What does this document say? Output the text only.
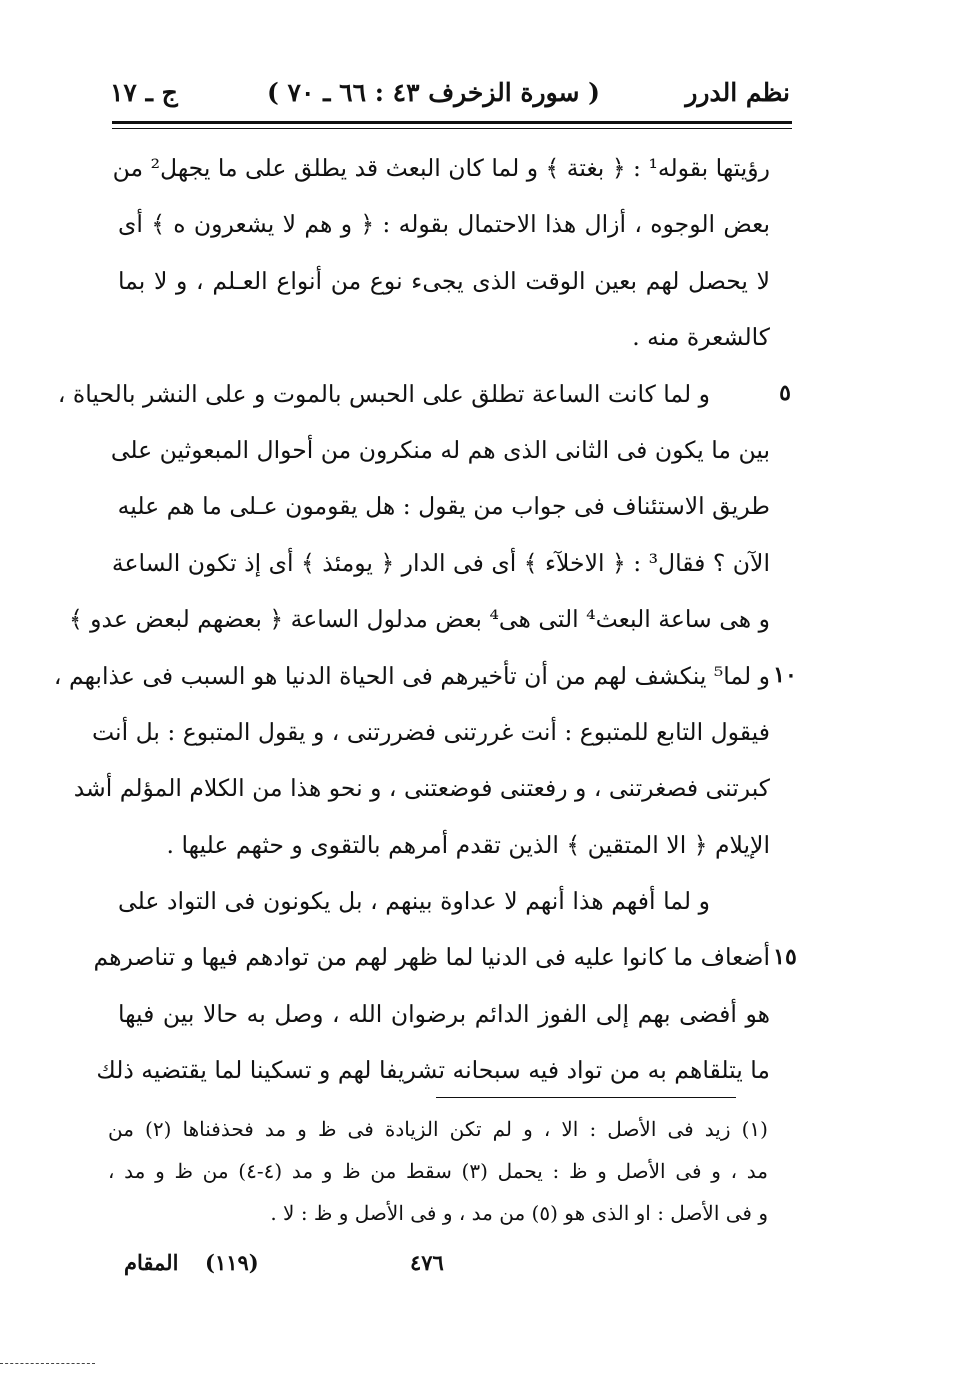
نظم الدرر
( سورة الزخرف ٤٣ : ٦٦ ـ ٧٠ )
ج ـ ١٧
رؤيتها بقوله¹ : ﴿ بغتة ﴾ و لما كان البعث قد يطلق على ما يجهل² من
بعض الوجوه ، أزال هذا الاحتمال بقوله : ﴿ و هم لا يشعرون ه ﴾ أى
لا يحصل لهم بعين الوقت الذى يجىء نوع من أنواع العـلم ، و لا بما
كالشعرة منه .
و لما كانت الساعة تطلق على الحبس بالموت و على النشر بالحياة ،
بين ما يكون فى الثانى الذى هم له منكرون من أحوال المبعوثين على
طريق الاستئناف فى جواب من يقول : هل يقومون عـلى ما هم عليه
الآن ؟ فقال³ : ﴿ الاخلآء ﴾ أى فى الدار ﴿ يومئذ ﴾ أى إذ تكون الساعة
و هى ساعة البعث⁴ التى هى⁴ بعض مدلول الساعة ﴿ بعضهم لبعض عدو ﴾
و لما⁵ ينكشف لهم من أن تأخيرهم فى الحياة الدنيا هو السبب فى عذابهم ،
فيقول التابع للمتبوع : أنت غررتنى فضررتنى ، و يقول المتبوع : بل أنت
كبرتنى فصغرتنى ، و رفعتنى فوضعتنى ، و نحو هذا من الكلام المؤلم أشد
الإيلام ﴿ الا المتقين ﴾ الذين تقدم أمرهم بالتقوى و حثهم عليها .
و لما أفهم هذا أنهم لا عداوة بينهم ، بل يكونون فى التواد على
أضعاف ما كانوا عليه فى الدنيا لما ظهر لهم من توادهم فيها و تناصرهم
هو أفضى بهم إلى الفوز الدائم برضوان الله ، وصل به حالا بين فيها
ما يتلقاهم به من تواد فيه سبحانه تشريفا لهم و تسكينا لما يقتضيه ذلك
٥
١٠
١٥
(١) زيد فى الأصل : الا ، و لم تكن الزيادة فى ظ و مد فحذفناها (٢) من
مد ، و فى الأصل و ظ : يحمل (٣) سقط من ظ و مد (٤-٤) من ظ و مد ،
و فى الأصل : او الذى هو (٥) من مد ، و فى الأصل و ظ : لا .
المقام (١١٩)	٤٧٦
